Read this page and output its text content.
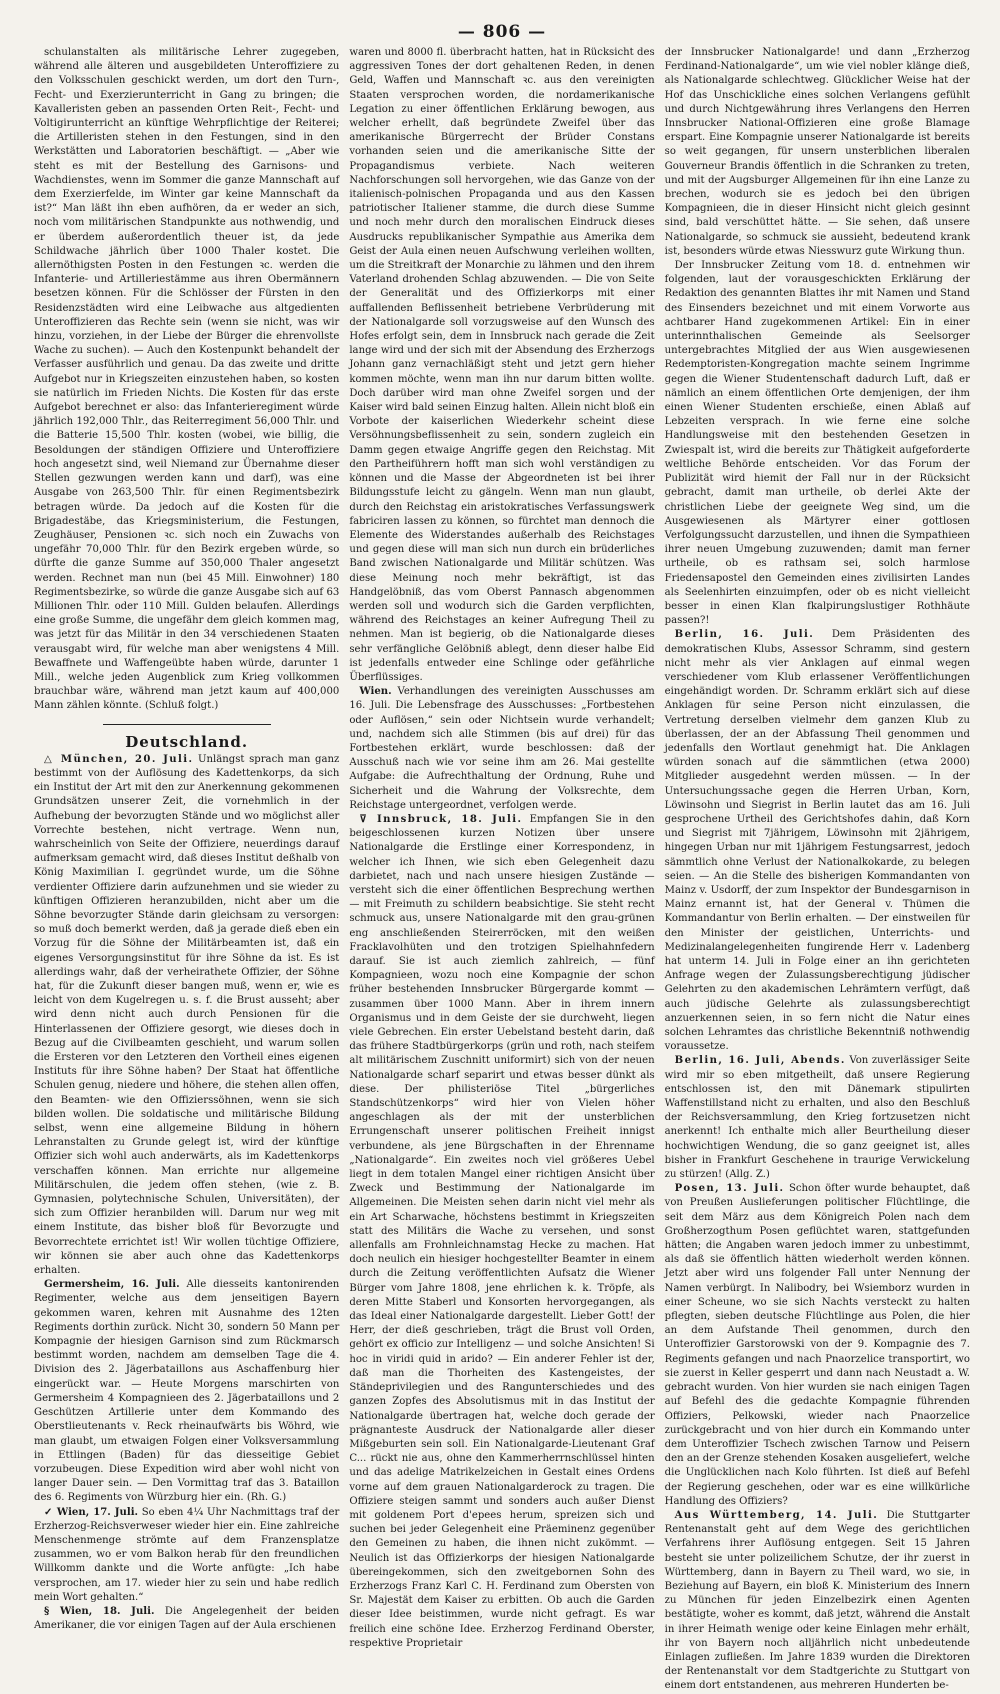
— 806 —

schulanstalten als militärische Lehrer zugegeben, während alle älteren und ausgebildeten Unteroffiziere zu den Volksschulen geschickt werden, um dort den Turn-, Fecht- und Exerzierunterricht in Gang zu bringen; die Kavalleristen geben an passenden Orten Reit-, Fecht- und Voltigirunterricht an künftige Wehrpflichtige der Reiterei; die Artilleristen stehen in den Festungen, sind in den Werkstätten und Laboratorien beschäftigt. — „Aber wie steht es mit der Bestellung des Garnisons- und Wachdienstes, wenn im Sommer die ganze Mannschaft auf dem Exerzierfelde, im Winter gar keine Mannschaft da ist?“ Man läßt ihn eben aufhören, da er weder an sich, noch vom militärischen Standpunkte aus nothwendig, und er überdem außerordentlich theuer ist, da jede Schildwache jährlich über 1000 Thaler kostet. Die allernöthigsten Posten in den Festungen ꝛc. werden die Infanterie- und Artilleriestämme aus ihren Obermännern besetzen können. Für die Schlösser der Fürsten in den Residenzstädten wird eine Leibwache aus altgedienten Unteroffizieren das Rechte sein (wenn sie nicht, was wir hinzu, vorziehen, in der Liebe der Bürger die ehrenvollste Wache zu suchen). — Auch den Kostenpunkt behandelt der Verfasser ausführlich und genau. Da das zweite und dritte Aufgebot nur in Kriegszeiten einzustehen haben, so kosten sie natürlich im Frieden Nichts. Die Kosten für das erste Aufgebot berechnet er also: das Infanterieregiment würde jährlich 192,000 Thlr., das Reiterregiment 56,000 Thlr. und die Batterie 15,500 Thlr. kosten (wobei, wie billig, die Besoldungen der ständigen Offiziere und Unteroffiziere hoch angesetzt sind, weil Niemand zur Übernahme dieser Stellen gezwungen werden kann und darf), was eine Ausgabe von 263,500 Thlr. für einen Regimentsbezirk betragen würde. Da jedoch auf die Kosten für die Brigadestäbe, das Kriegsministerium, die Festungen, Zeughäuser, Pensionen ꝛc. sich noch ein Zuwachs von ungefähr 70,000 Thlr. für den Bezirk ergeben würde, so dürfte die ganze Summe auf 350,000 Thaler angesetzt werden. Rechnet man nun (bei 45 Mill. Einwohner) 180 Regimentsbezirke, so würde die ganze Ausgabe sich auf 63 Millionen Thlr. oder 110 Mill. Gulden belaufen. Allerdings eine große Summe, die ungefähr dem gleich kommen mag, was jetzt für das Militär in den 34 verschiedenen Staaten verausgabt wird, für welche man aber wenigstens 4 Mill. Bewaffnete und Waffengeübte haben würde, darunter 1 Mill., welche jeden Augenblick zum Krieg vollkommen brauchbar wäre, während man jetzt kaum auf 400,000 Mann zählen könnte. (Schluß folgt.)

Deutschland.

△ München, 20. Juli. Unlängst sprach man ganz bestimmt von der Auflösung des Kadettenkorps, da sich ein Institut der Art mit den zur Anerkennung gekommenen Grundsätzen unserer Zeit, die vornehmlich in der Aufhebung der bevorzugten Stände und wo möglichst aller Vorrechte bestehen, nicht vertrage. Wenn nun, wahrscheinlich von Seite der Offiziere, neuerdings darauf aufmerksam gemacht wird, daß dieses Institut deßhalb von König Maximilian I. gegründet wurde, um die Söhne verdienter Offiziere darin aufzunehmen und sie wieder zu künftigen Offizieren heranzubilden, nicht aber um die Söhne bevorzugter Stände darin gleichsam zu versorgen: so muß doch bemerkt werden, daß ja gerade dieß eben ein Vorzug für die Söhne der Militärbeamten ist, daß ein eigenes Versorgungsinstitut für ihre Söhne da ist. Es ist allerdings wahr, daß der verheirathete Offizier, der Söhne hat, für die Zukunft dieser bangen muß, wenn er, wie es leicht von dem Kugelregen u. s. f. die Brust ausseht; aber wird denn nicht auch durch Pensionen für die Hinterlassenen der Offiziere gesorgt, wie dieses doch in Bezug auf die Civilbeamten geschieht, und warum sollen die Ersteren vor den Letzteren den Vortheil eines eigenen Instituts für ihre Söhne haben? Der Staat hat öffentliche Schulen genug, niedere und höhere, die stehen allen offen, den Beamten- wie den Offizierssöhnen, wenn sie sich bilden wollen. Die soldatische und militärische Bildung selbst, wenn eine allgemeine Bildung in höhern Lehranstalten zu Grunde gelegt ist, wird der künftige Offizier sich wohl auch anderwärts, als im Kadettenkorps verschaffen können. Man errichte nur allgemeine Militärschulen, die jedem offen stehen, (wie z. B. Gymnasien, polytechnische Schulen, Universitäten), der sich zum Offizier heranbilden will. Darum nur weg mit einem Institute, das bisher bloß für Bevorzugte und Bevorrechtete errichtet ist! Wir wollen tüchtige Offiziere, wir können sie aber auch ohne das Kadettenkorps erhalten.

Germersheim, 16. Juli. Alle diesseits kantonirenden Regimenter, welche aus dem jenseitigen Bayern gekommen waren, kehren mit Ausnahme des 12ten Regiments dorthin zurück. Nicht 30, sondern 50 Mann per Kompagnie der hiesigen Garnison sind zum Rückmarsch bestimmt worden, nachdem am demselben Tage die 4. Division des 2. Jägerbataillons aus Aschaffenburg hier eingerückt war. — Heute Morgens marschirten von Germersheim 4 Kompagnieen des 2. Jägerbataillons und 2 Geschützen Artillerie unter dem Kommando des Oberstlieutenants v. Reck rheinaufwärts bis Wöhrd, wie man glaubt, um etwaigen Folgen einer Volksversammlung in Ettlingen (Baden) für das diesseitige Gebiet vorzubeugen. Diese Expedition wird aber wohl nicht von langer Dauer sein. — Den Vormittag traf das 3. Bataillon des 6. Regiments von Würzburg hier ein. (Rh. G.)

✓ Wien, 17. Juli. So eben 4¼ Uhr Nachmittags traf der Erzherzog-Reichsverweser wieder hier ein. Eine zahlreiche Menschenmenge strömte auf dem Franzensplatze zusammen, wo er vom Balkon herab für den freundlichen Willkomm dankte und die Worte anfügte: „Ich habe versprochen, am 17. wieder hier zu sein und habe redlich mein Wort gehalten.“

§ Wien, 18. Juli. Die Angelegenheit der beiden Amerikaner, die vor einigen Tagen auf der Aula erschienen

waren und 8000 fl. überbracht hatten, hat in Rücksicht des aggressiven Tones der dort gehaltenen Reden, in denen Geld, Waffen und Mannschaft ꝛc. aus den vereinigten Staaten versprochen worden, die nordamerikanische Legation zu einer öffentlichen Erklärung bewogen, aus welcher erhellt, daß begründete Zweifel über das amerikanische Bürgerrecht der Brüder Constans vorhanden seien und die amerikanische Sitte der Propagandismus verbiete. Nach weiteren Nachforschungen soll hervorgehen, wie das Ganze von der italienisch-polnischen Propaganda und aus den Kassen patriotischer Italiener stamme, die durch diese Summe und noch mehr durch den moralischen Eindruck dieses Ausdrucks republikanischer Sympathie aus Amerika dem Geist der Aula einen neuen Aufschwung verleihen wollten, um die Streitkraft der Monarchie zu lähmen und den ihrem Vaterland drohenden Schlag abzuwenden. — Die von Seite der Generalität und des Offizierkorps mit einer auffallenden Beflissenheit betriebene Verbrüderung mit der Nationalgarde soll vorzugsweise auf den Wunsch des Hofes erfolgt sein, dem in Innsbruck nach gerade die Zeit lange wird und der sich mit der Absendung des Erzherzogs Johann ganz vernachläßigt steht und jetzt gern hieher kommen möchte, wenn man ihn nur darum bitten wollte. Doch darüber wird man ohne Zweifel sorgen und der Kaiser wird bald seinen Einzug halten. Allein nicht bloß ein Vorbote der kaiserlichen Wiederkehr scheint diese Versöhnungsbeflissenheit zu sein, sondern zugleich ein Damm gegen etwaige Angriffe gegen den Reichstag. Mit den Partheiführern hofft man sich wohl verständigen zu können und die Masse der Abgeordneten ist bei ihrer Bildungsstufe leicht zu gängeln. Wenn man nun glaubt, durch den Reichstag ein aristokratisches Verfassungswerk fabriciren lassen zu können, so fürchtet man dennoch die Elemente des Widerstandes außerhalb des Reichstages und gegen diese will man sich nun durch ein brüderliches Band zwischen Nationalgarde und Militär schützen. Was diese Meinung noch mehr bekräftigt, ist das Handgelöbniß, das vom Oberst Pannasch abgenommen werden soll und wodurch sich die Garden verpflichten, während des Reichstages an keiner Aufregung Theil zu nehmen. Man ist begierig, ob die Nationalgarde dieses sehr verfängliche Gelöbniß ablegt, denn dieser halbe Eid ist jedenfalls entweder eine Schlinge oder gefährliche Überflüssiges.

Wien. Verhandlungen des vereinigten Ausschusses am 16. Juli. Die Lebensfrage des Ausschusses: „Fortbestehen oder Auflösen,“ sein oder Nichtsein wurde verhandelt; und, nachdem sich alle Stimmen (bis auf drei) für das Fortbestehen erklärt, wurde beschlossen: daß der Ausschuß nach wie vor seine ihm am 26. Mai gestellte Aufgabe: die Aufrechthaltung der Ordnung, Ruhe und Sicherheit und die Wahrung der Volksrechte, dem Reichstage untergeordnet, verfolgen werde.

⊽ Innsbruck, 18. Juli. Empfangen Sie in den beigeschlossenen kurzen Notizen über unsere Nationalgarde die Erstlinge einer Korrespondenz, in welcher ich Ihnen, wie sich eben Gelegenheit dazu darbietet, nach und nach unsere hiesigen Zustände — versteht sich die einer öffentlichen Besprechung werthen — mit Freimuth zu schildern beabsichtige. Sie steht recht schmuck aus, unsere Nationalgarde mit den grau-grünen eng anschließenden Steirerröcken, mit den weißen Fracklavolhüten und den trotzigen Spielhahnfedern darauf. Sie ist auch ziemlich zahlreich, — fünf Kompagnieen, wozu noch eine Kompagnie der schon früher bestehenden Innsbrucker Bürgergarde kommt — zusammen über 1000 Mann. Aber in ihrem innern Organismus und in dem Geiste der sie durchweht, liegen viele Gebrechen. Ein erster Uebelstand besteht darin, daß das frühere Stadtbürgerkorps (grün und roth, nach steifem alt militärischem Zuschnitt uniformirt) sich von der neuen Nationalgarde scharf separirt und etwas besser dünkt als diese. Der philisteriöse Titel „bürgerliches Standschützenkorps“ wird hier von Vielen höher angeschlagen als der mit der unsterblichen Errungenschaft unserer politischen Freiheit innigst verbundene, als jene Bürgschaften in der Ehrenname „Nationalgarde“. Ein zweites noch viel größeres Uebel liegt in dem totalen Mangel einer richtigen Ansicht über Zweck und Bestimmung der Nationalgarde im Allgemeinen. Die Meisten sehen darin nicht viel mehr als ein Art Scharwache, höchstens bestimmt in Kriegszeiten statt des Militärs die Wache zu versehen, und sonst allenfalls am Frohnleichnamstag Hecke zu machen. Hat doch neulich ein hiesiger hochgestellter Beamter in einem durch die Zeitung veröffentlichten Aufsatz die Wiener Bürger vom Jahre 1808, jene ehrlichen k. k. Tröpfe, als deren Mitte Staberl und Konsorten hervorgegangen, als das Ideal einer Nationalgarde dargestellt. Lieber Gott! der Herr, der dieß geschrieben, trägt die Brust voll Orden, gehört ex officio zur Intelligenz — und solche Ansichten! Si hoc in viridi quid in arido? — Ein anderer Fehler ist der, daß man die Thorheiten des Kastengeistes, der Ständeprivilegien und des Rangunterschiedes und des ganzen Zopfes des Absolutismus mit in das Institut der Nationalgarde übertragen hat, welche doch gerade der prägnanteste Ausdruck der Nationalgarde aller dieser Mißgeburten sein soll. Ein Nationalgarde-Lieutenant Graf C... rückt nie aus, ohne den Kammerherrnschlüssel hinten und das adelige Matrikelzeichen in Gestalt eines Ordens vorne auf dem grauen Nationalgarderock zu tragen. Die Offiziere steigen sammt und sonders auch außer Dienst mit goldenem Port d'epees herum, spreizen sich und suchen bei jeder Gelegenheit eine Präeminenz gegenüber den Gemeinen zu haben, die ihnen nicht zukömmt. — Neulich ist das Offizierkorps der hiesigen Nationalgarde übereingekommen, sich den zweitgebornen Sohn des Erzherzogs Franz Karl C. H. Ferdinand zum Obersten von Sr. Majestät dem Kaiser zu erbitten. Ob auch die Garden dieser Idee beistimmen, wurde nicht gefragt. Es war freilich eine schöne Idee. Erzherzog Ferdinand Oberster, respektive Proprietair

der Innsbrucker Nationalgarde! und dann „Erzherzog Ferdinand-Nationalgarde“, um wie viel nobler klänge dieß, als Nationalgarde schlechtweg. Glücklicher Weise hat der Hof das Unschickliche eines solchen Verlangens gefühlt und durch Nichtgewährung ihres Verlangens den Herren Innsbrucker National-Offizieren eine große Blamage erspart. Eine Kompagnie unserer Nationalgarde ist bereits so weit gegangen, für unsern unsterblichen liberalen Gouverneur Brandis öffentlich in die Schranken zu treten, und mit der Augsburger Allgemeinen für ihn eine Lanze zu brechen, wodurch sie es jedoch bei den übrigen Kompagnieen, die in dieser Hinsicht nicht gleich gesinnt sind, bald verschüttet hätte. — Sie sehen, daß unsere Nationalgarde, so schmuck sie aussieht, bedeutend krank ist, besonders würde etwas Niesswurz gute Wirkung thun.

Der Innsbrucker Zeitung vom 18. d. entnehmen wir folgenden, laut der vorausgeschickten Erklärung der Redaktion des genannten Blattes ihr mit Namen und Stand des Einsenders bezeichnet und mit einem Vorworte aus achtbarer Hand zugekommenen Artikel: Ein in einer unterinnthalischen Gemeinde als Seelsorger untergebrachtes Mitglied der aus Wien ausgewiesenen Redemptoristen-Kongregation machte seinem Ingrimme gegen die Wiener Studentenschaft dadurch Luft, daß er nämlich an einem öffentlichen Orte demjenigen, der ihm einen Wiener Studenten erschieße, einen Ablaß auf Lebzeiten versprach. In wie ferne eine solche Handlungsweise mit den bestehenden Gesetzen in Zwiespalt ist, wird die bereits zur Thätigkeit aufgeforderte weltliche Behörde entscheiden. Vor das Forum der Publizität wird hiemit der Fall nur in der Rücksicht gebracht, damit man urtheile, ob derlei Akte der christlichen Liebe der geeignete Weg sind, um die Ausgewiesenen als Märtyrer einer gottlosen Verfolgungssucht darzustellen, und ihnen die Sympathieen ihrer neuen Umgebung zuzuwenden; damit man ferner urtheile, ob es rathsam sei, solch harmlose Friedensapostel den Gemeinden eines zivilisirten Landes als Seelenhirten einzuimpfen, oder ob es nicht vielleicht besser in einen Klan fkalpirungslustiger Rothhäute passen?!

Berlin, 16. Juli. Dem Präsidenten des demokratischen Klubs, Assessor Schramm, sind gestern nicht mehr als vier Anklagen auf einmal wegen verschiedener vom Klub erlassener Veröffentlichungen eingehändigt worden. Dr. Schramm erklärt sich auf diese Anklagen für seine Person nicht einzulassen, die Vertretung derselben vielmehr dem ganzen Klub zu überlassen, der an der Abfassung Theil genommen und jedenfalls den Wortlaut genehmigt hat. Die Anklagen würden sonach auf die sämmtlichen (etwa 2000) Mitglieder ausgedehnt werden müssen. — In der Untersuchungssache gegen die Herren Urban, Korn, Löwinsohn und Siegrist in Berlin lautet das am 16. Juli gesprochene Urtheil des Gerichtshofes dahin, daß Korn und Siegrist mit 7jährigem, Löwinsohn mit 2jährigem, hingegen Urban nur mit 1jährigem Festungsarrest, jedoch sämmtlich ohne Verlust der Nationalkokarde, zu belegen seien. — An die Stelle des bisherigen Kommandanten von Mainz v. Usdorff, der zum Inspektor der Bundesgarnison in Mainz ernannt ist, hat der General v. Thümen die Kommandantur von Berlin erhalten. — Der einstweilen für den Minister der geistlichen, Unterrichts- und Medizinalangelegenheiten fungirende Herr v. Ladenberg hat unterm 14. Juli in Folge einer an ihn gerichteten Anfrage wegen der Zulassungsberechtigung jüdischer Gelehrten zu den akademischen Lehrämtern verfügt, daß auch jüdische Gelehrte als zulassungsberechtigt anzuerkennen seien, in so fern nicht die Natur eines solchen Lehramtes das christliche Bekenntniß nothwendig voraussetze.

Berlin, 16. Juli, Abends. Von zuverlässiger Seite wird mir so eben mitgetheilt, daß unsere Regierung entschlossen ist, den mit Dänemark stipulirten Waffenstillstand nicht zu erhalten, und also den Beschluß der Reichsversammlung, den Krieg fortzusetzen nicht anerkennt! Ich enthalte mich aller Beurtheilung dieser hochwichtigen Wendung, die so ganz geeignet ist, alles bisher in Frankfurt Geschehene in traurige Verwickelung zu stürzen! (Allg. Z.)

Posen, 13. Juli. Schon öfter wurde behauptet, daß von Preußen Auslieferungen politischer Flüchtlinge, die seit dem März aus dem Königreich Polen nach dem Großherzogthum Posen geflüchtet waren, stattgefunden hätten; die Angaben waren jedoch immer zu unbestimmt, als daß sie öffentlich hätten wiederholt werden können. Jetzt aber wird uns folgender Fall unter Nennung der Namen verbürgt. In Nalibodry, bei Wsiemborz wurden in einer Scheune, wo sie sich Nachts versteckt zu halten pflegten, sieben deutsche Flüchtlinge aus Polen, die hier an dem Aufstande Theil genommen, durch den Unteroffizier Garstorowski von der 9. Kompagnie des 7. Regiments gefangen und nach Pnaorzelice transportirt, wo sie zuerst in Keller gesperrt und dann nach Neustadt a. W. gebracht wurden. Von hier wurden sie nach einigen Tagen auf Befehl des die gedachte Kompagnie führenden Offiziers, Pelkowski, wieder nach Pnaorzelice zurückgebracht und von hier durch ein Kommando unter dem Unteroffizier Tschech zwischen Tarnow und Peisern den an der Grenze stehenden Kosaken ausgeliefert, welche die Unglücklichen nach Kolo führten. Ist dieß auf Befehl der Regierung geschehen, oder war es eine willkürliche Handlung des Offiziers?

Aus Württemberg, 14. Juli. Die Stuttgarter Rentenanstalt geht auf dem Wege des gerichtlichen Verfahrens ihrer Auflösung entgegen. Seit 15 Jahren besteht sie unter polizeilichem Schutze, der ihr zuerst in Württemberg, dann in Bayern zu Theil ward, wo sie, in Beziehung auf Bayern, ein bloß K. Ministerium des Innern zu München für jeden Einzelbezirk einen Agenten bestätigte, woher es kommt, daß jetzt, während die Anstalt in ihrer Heimath wenige oder keine Einlagen mehr erhält, ihr von Bayern noch alljährlich nicht unbedeutende Einlagen zufließen. Im Jahre 1839 wurden die Direktoren der Rentenanstalt vor dem Stadtgerichte zu Stuttgart von einem dort entstandenen, aus mehreren Hunderten be-
